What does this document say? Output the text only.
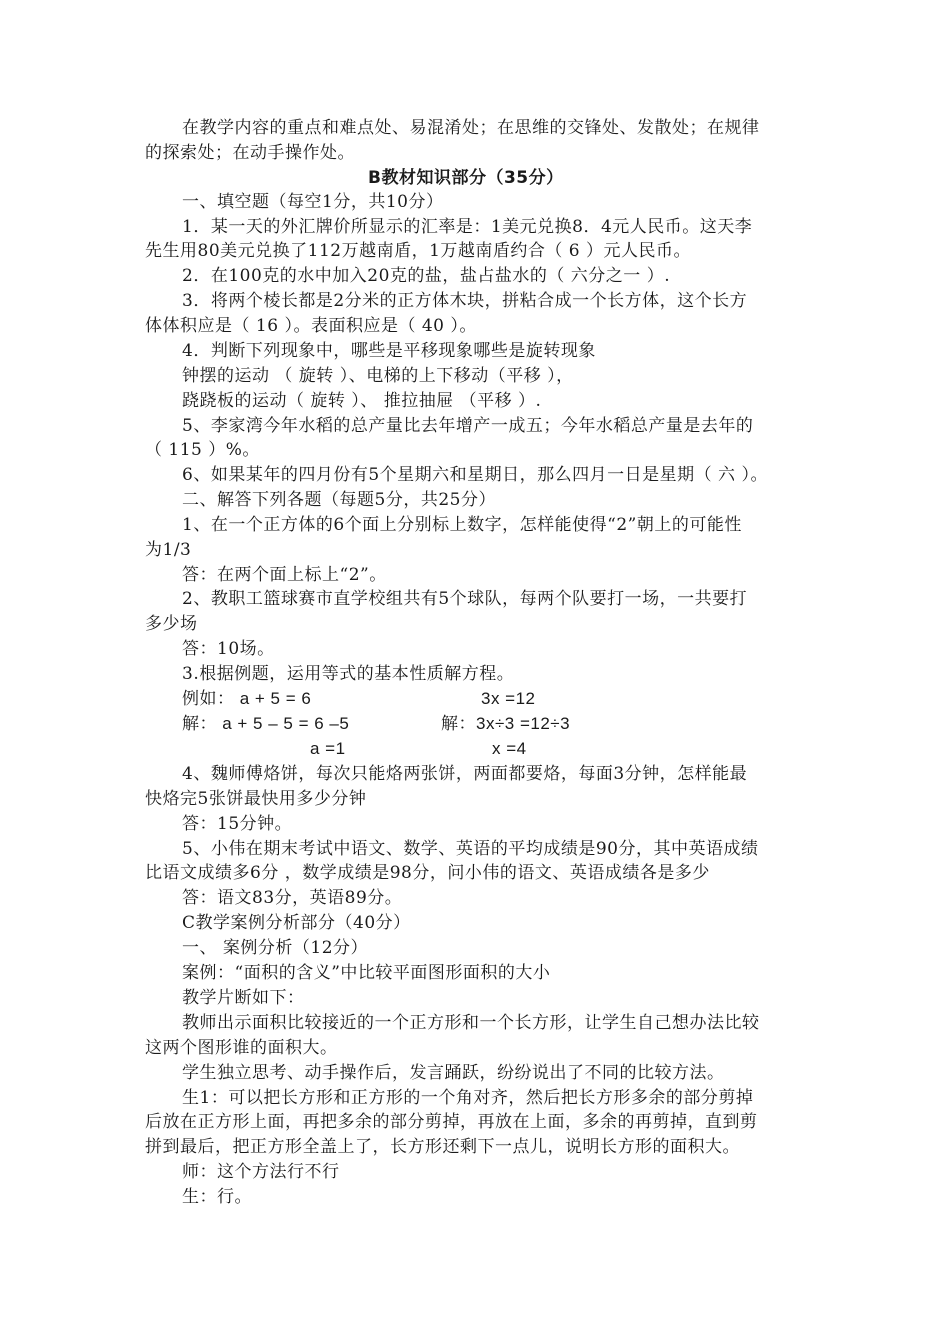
在教学内容的重点和难点处、易混淆处；在思维的交锋处、发散处；在规律
的探索处；在动手操作处。
B教材知识部分（35分）
一、填空题（每空1分，共10分）
1．某一天的外汇牌价所显示的汇率是：1美元兑换8．4元人民币。这天李
先生用80美元兑换了112万越南盾，1万越南盾约合（ 6 ）元人民币。
2．在100克的水中加入20克的盐，盐占盐水的（ 六分之一 ）.
3．将两个棱长都是2分米的正方体木块，拼粘合成一个长方体，这个长方
体体积应是（ 16 ）。表面积应是（ 40 ）。
4．判断下列现象中，哪些是平移现象哪些是旋转现象
钟摆的运动 （ 旋转 ）、电梯的上下移动（平移 ），
跷跷板的运动（ 旋转 ）、 推拉抽屉 （平移 ）.
5、李家湾今年水稻的总产量比去年增产一成五；今年水稻总产量是去年的
（ 115 ）%。
6、如果某年的四月份有5个星期六和星期日，那么四月一日是星期（ 六 ）。
二、解答下列各题（每题5分，共25分）
1、在一个正方体的6个面上分别标上数字，怎样能使得“2”朝上的可能性
为1/3
答：在两个面上标上“2”。
2、教职工篮球赛市直学校组共有5个球队，每两个队要打一场，一共要打
多少场
答：10场。
3.根据例题，运用等式的基本性质解方程。
例如： a + 5 = 6	3x =12
解： a + 5 – 5 = 6 –5	解：3x÷3 =12÷3
a =1	x =4
4、魏师傅烙饼，每次只能烙两张饼，两面都要烙，每面3分钟，怎样能最
快烙完5张饼最快用多少分钟
答：15分钟。
5、小伟在期末考试中语文、数学、英语的平均成绩是90分，其中英语成绩
比语文成绩多6分 ，数学成绩是98分，问小伟的语文、英语成绩各是多少
答：语文83分，英语89分。
C教学案例分析部分（40分）
一、 案例分析（12分）
案例：“面积的含义”中比较平面图形面积的大小
教学片断如下：
教师出示面积比较接近的一个正方形和一个长方形，让学生自己想办法比较
这两个图形谁的面积大。
学生独立思考、动手操作后，发言踊跃，纷纷说出了不同的比较方法。
生1：可以把长方形和正方形的一个角对齐，然后把长方形多余的部分剪掉
后放在正方形上面，再把多余的部分剪掉，再放在上面，多余的再剪掉，直到剪
拼到最后，把正方形全盖上了，长方形还剩下一点儿，说明长方形的面积大。
师：这个方法行不行
生：行。
